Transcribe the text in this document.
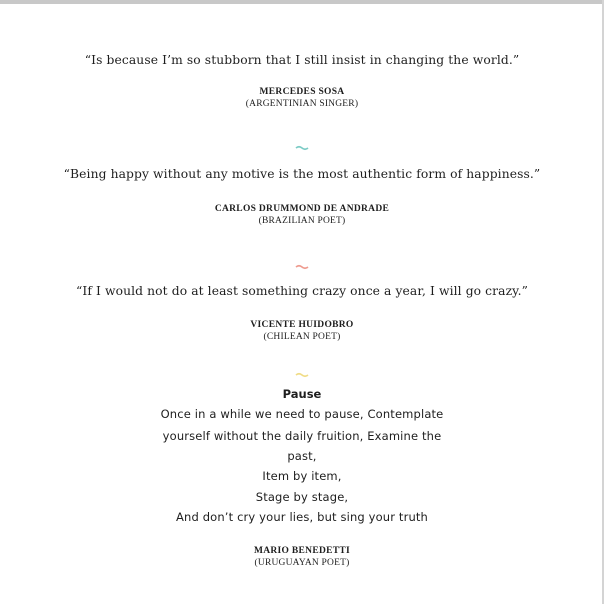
“Is because I’m so stubborn that I still insist in changing the world.”
MERCEDES SOSA
(ARGENTINIAN SINGER)
“Being happy without any motive is the most authentic form of happiness.”
CARLOS DRUMMOND DE ANDRADE
(BRAZILIAN POET)
“If I would not do at least something crazy once a year, I will go crazy.”
VICENTE HUIDOBRO
(CHILEAN POET)
Pause
Once in a while we need to pause, Contemplate
yourself without the daily fruition, Examine the
past,
Item by item,
Stage by stage,
And don’t cry your lies, but sing your truth
MARIO BENEDETTI
(URUGUAYAN POET)
